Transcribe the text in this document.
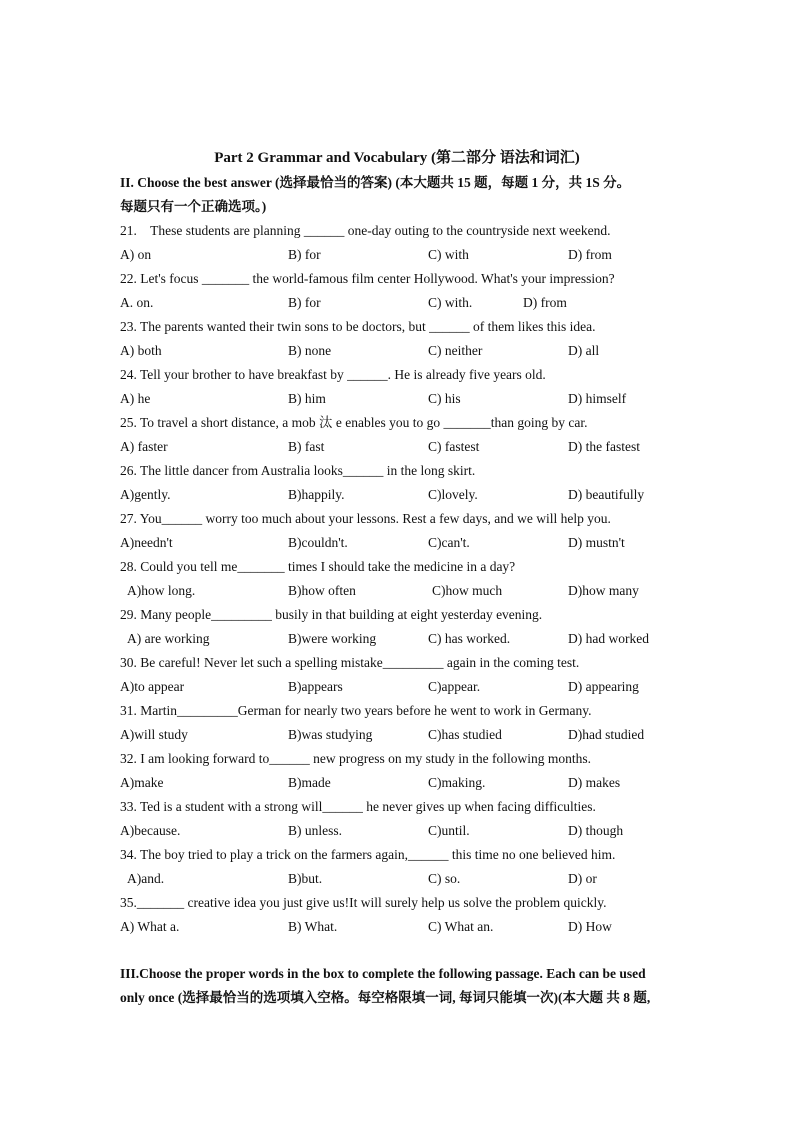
Part 2 Grammar and Vocabulary (第二部分 语法和词汇)
II. Choose the best answer (选择最恰当的答案) (本大题共 15 题，每题 1 分，共 1S 分。
每题只有一个正确选项。)
21.    These students are planning ______ one-day outing to the countryside next weekend.
A) on	B) for	C) with	D) from
22. Let's focus _______ the world-famous film center Hollywood. What's your impression?
A. on.	B) for	C) with.	D) from
23. The parents wanted their twin sons to be doctors, but ______ of them likes this idea.
A) both	B) none	C) neither	D) all
24. Tell your brother to have breakfast by ______. He is already five years old.
A) he	B) him	C) his	D) himself
25. To travel a short distance, a mob 汰 e enables you to go _______than going by car.
A) faster	B) fast	C) fastest	D) the fastest
26. The little dancer from Australia looks______ in the long skirt.
A)gently.	B)happily.	C)lovely.	D) beautifully
27. You______ worry too much about your lessons. Rest a few days, and we will help you.
A)needn't	B)couldn't.	C)can't.	D) mustn't
28. Could you tell me_______ times I should take the medicine in a day?
A)how long.	B)how often	C)how much	D)how many
29. Many people_________ busily in that building at eight yesterday evening.
A) are working	B)were working	C) has worked.	D) had worked
30. Be careful! Never let such a spelling mistake_________ again in the coming test.
A)to appear	B)appears	C)appear.	D) appearing
31. Martin_________German for nearly two years before he went to work in Germany.
A)will study	B)was studying	C)has studied	D)had studied
32. I am looking forward to______ new progress on my study in the following months.
A)make	B)made	C)making.	D) makes
33. Ted is a student with a strong will______ he never gives up when facing difficulties.
A)because.	B) unless.	C)until.	D) though
34. The boy tried to play a trick on the farmers again,______ this time no one believed him.
A)and.	B)but.	C) so.	D) or
35._______ creative idea you just give us!It will surely help us solve the problem quickly.
A) What a.	B) What.	C) What an.	D) How
III.Choose the proper words in the box to complete the following passage. Each can be used
only once (选择最恰当的选项填入空格。每空格限填一词, 每词只能填一次)(本大题 共 8 题,
